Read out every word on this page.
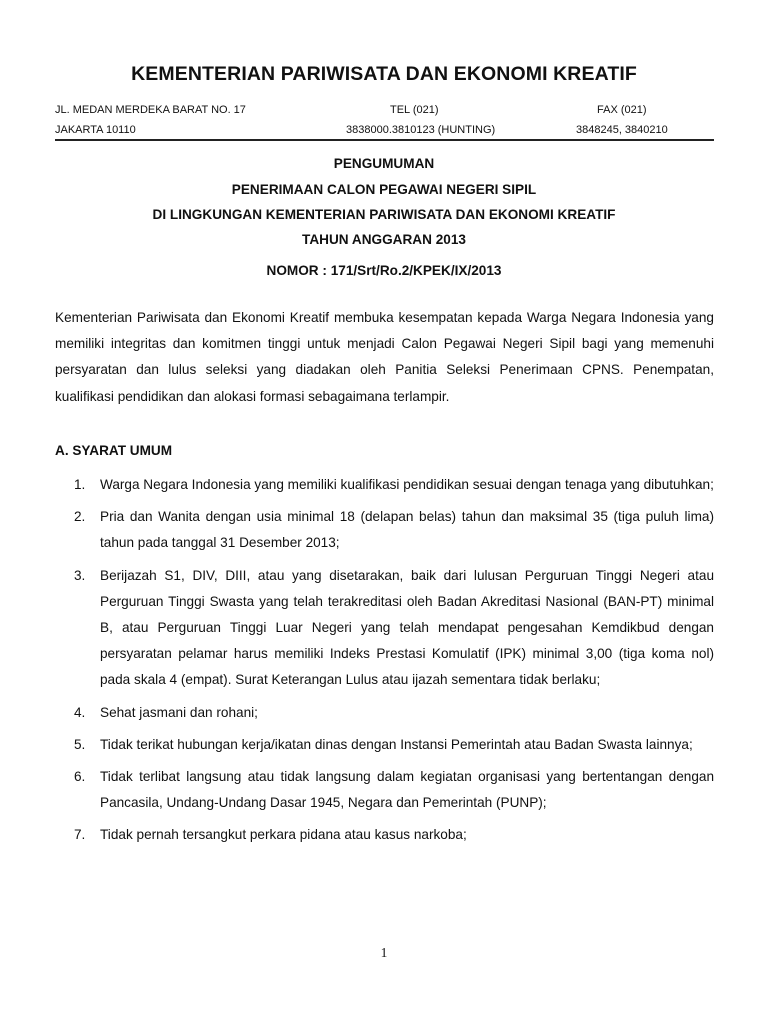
KEMENTERIAN PARIWISATA DAN EKONOMI KREATIF
JL. MEDAN MERDEKA BARAT NO. 17
JAKARTA 10110
TEL (021)
3838000.3810123 (HUNTING)
FAX (021)
3848245, 3840210
PENGUMUMAN
PENERIMAAN CALON PEGAWAI NEGERI SIPIL
DI LINGKUNGAN KEMENTERIAN PARIWISATA DAN EKONOMI KREATIF
TAHUN ANGGARAN 2013
NOMOR : 171/Srt/Ro.2/KPEK/IX/2013

Kementerian Pariwisata dan Ekonomi Kreatif membuka kesempatan kepada Warga Negara Indonesia yang memiliki integritas dan komitmen tinggi untuk menjadi Calon Pegawai Negeri Sipil bagi yang memenuhi persyaratan dan lulus seleksi yang diadakan oleh Panitia Seleksi Penerimaan CPNS. Penempatan, kualifikasi pendidikan dan alokasi formasi sebagaimana terlampir.

A. SYARAT UMUM
1. Warga Negara Indonesia yang memiliki kualifikasi pendidikan sesuai dengan tenaga yang dibutuhkan;
2. Pria dan Wanita dengan usia minimal 18 (delapan belas) tahun dan maksimal 35 (tiga puluh lima) tahun pada tanggal 31 Desember 2013;
3. Berijazah S1, DIV, DIII, atau yang disetarakan, baik dari lulusan Perguruan Tinggi Negeri atau Perguruan Tinggi Swasta yang telah terakreditasi oleh Badan Akreditasi Nasional (BAN-PT) minimal B, atau Perguruan Tinggi Luar Negeri yang telah mendapat pengesahan Kemdikbud dengan persyaratan pelamar harus memiliki Indeks Prestasi Komulatif (IPK) minimal 3,00 (tiga koma nol) pada skala 4 (empat). Surat Keterangan Lulus atau ijazah sementara tidak berlaku;
4. Sehat jasmani dan rohani;
5. Tidak terikat hubungan kerja/ikatan dinas dengan Instansi Pemerintah atau Badan Swasta lainnya;
6. Tidak terlibat langsung atau tidak langsung dalam kegiatan organisasi yang bertentangan dengan Pancasila, Undang-Undang Dasar 1945, Negara dan Pemerintah (PUNP);
7. Tidak pernah tersangkut perkara pidana atau kasus narkoba;
1
